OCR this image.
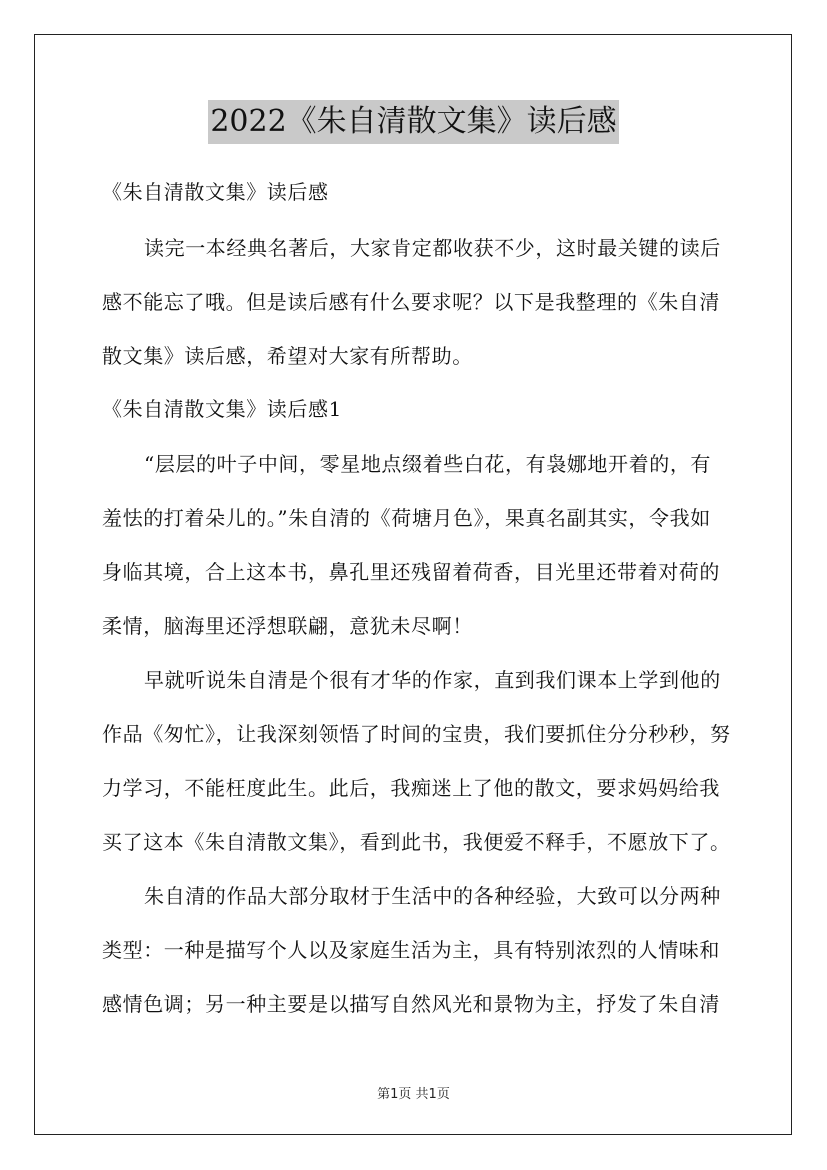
2022《朱自清散文集》读后感
《朱自清散文集》读后感
读完一本经典名著后，大家肯定都收获不少，这时最关键的读后
感不能忘了哦。但是读后感有什么要求呢？以下是我整理的《朱自清
散文集》读后感，希望对大家有所帮助。
《朱自清散文集》读后感1
“层层的叶子中间，零星地点缀着些白花，有袅娜地开着的，有
羞怯的打着朵儿的。”朱自清的《荷塘月色》，果真名副其实，令我如
身临其境，合上这本书，鼻孔里还残留着荷香，目光里还带着对荷的
柔情，脑海里还浮想联翩，意犹未尽啊！
早就听说朱自清是个很有才华的作家，直到我们课本上学到他的
作品《匆忙》，让我深刻领悟了时间的宝贵，我们要抓住分分秒秒，努
力学习，不能枉度此生。此后，我痴迷上了他的散文，要求妈妈给我
买了这本《朱自清散文集》，看到此书，我便爱不释手，不愿放下了。
朱自清的作品大部分取材于生活中的各种经验，大致可以分两种
类型：一种是描写个人以及家庭生活为主，具有特别浓烈的人情味和
感情色调；另一种主要是以描写自然风光和景物为主，抒发了朱自清
第1页 共1页
